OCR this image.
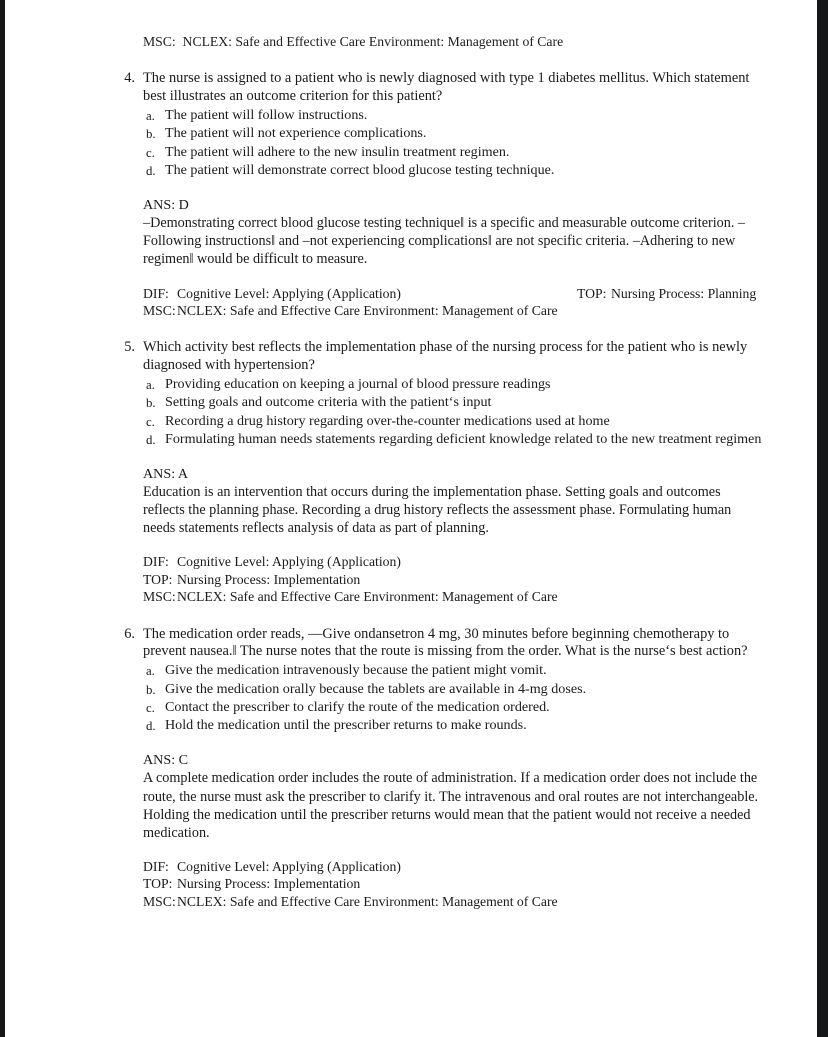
MSC:  NCLEX: Safe and Effective Care Environment: Management of Care
4. The nurse is assigned to a patient who is newly diagnosed with type 1 diabetes mellitus. Which statement best illustrates an outcome criterion for this patient?
a. The patient will follow instructions.
b. The patient will not experience complications.
c. The patient will adhere to the new insulin treatment regimen.
d. The patient will demonstrate correct blood glucose testing technique.
ANS: D
–Demonstrating correct blood glucose testing technique‖ is a specific and measurable outcome criterion. –Following instructions‖ and –not experiencing complications‖ are not specific criteria. –Adhering to new regimen‖ would be difficult to measure.
DIF: Cognitive Level: Applying (Application)	TOP: Nursing Process: Planning
MSC:NCLEX: Safe and Effective Care Environment: Management of Care
5. Which activity best reflects the implementation phase of the nursing process for the patient who is newly diagnosed with hypertension?
a. Providing education on keeping a journal of blood pressure readings
b. Setting goals and outcome criteria with the patient‘s input
c. Recording a drug history regarding over-the-counter medications used at home
d. Formulating human needs statements regarding deficient knowledge related to the new treatment regimen
ANS: A
Education is an intervention that occurs during the implementation phase. Setting goals and outcomes reflects the planning phase. Recording a drug history reflects the assessment phase. Formulating human needs statements reflects analysis of data as part of planning.
DIF: Cognitive Level: Applying (Application)
TOP: Nursing Process: Implementation
MSC:NCLEX: Safe and Effective Care Environment: Management of Care
6. The medication order reads, —Give ondansetron 4 mg, 30 minutes before beginning chemotherapy to prevent nausea.‖ The nurse notes that the route is missing from the order. What is the nurse‘s best action?
a. Give the medication intravenously because the patient might vomit.
b. Give the medication orally because the tablets are available in 4-mg doses.
c. Contact the prescriber to clarify the route of the medication ordered.
d. Hold the medication until the prescriber returns to make rounds.
ANS: C
A complete medication order includes the route of administration. If a medication order does not include the route, the nurse must ask the prescriber to clarify it. The intravenous and oral routes are not interchangeable. Holding the medication until the prescriber returns would mean that the patient would not receive a needed medication.
DIF: Cognitive Level: Applying (Application)
TOP: Nursing Process: Implementation
MSC:NCLEX: Safe and Effective Care Environment: Management of Care
